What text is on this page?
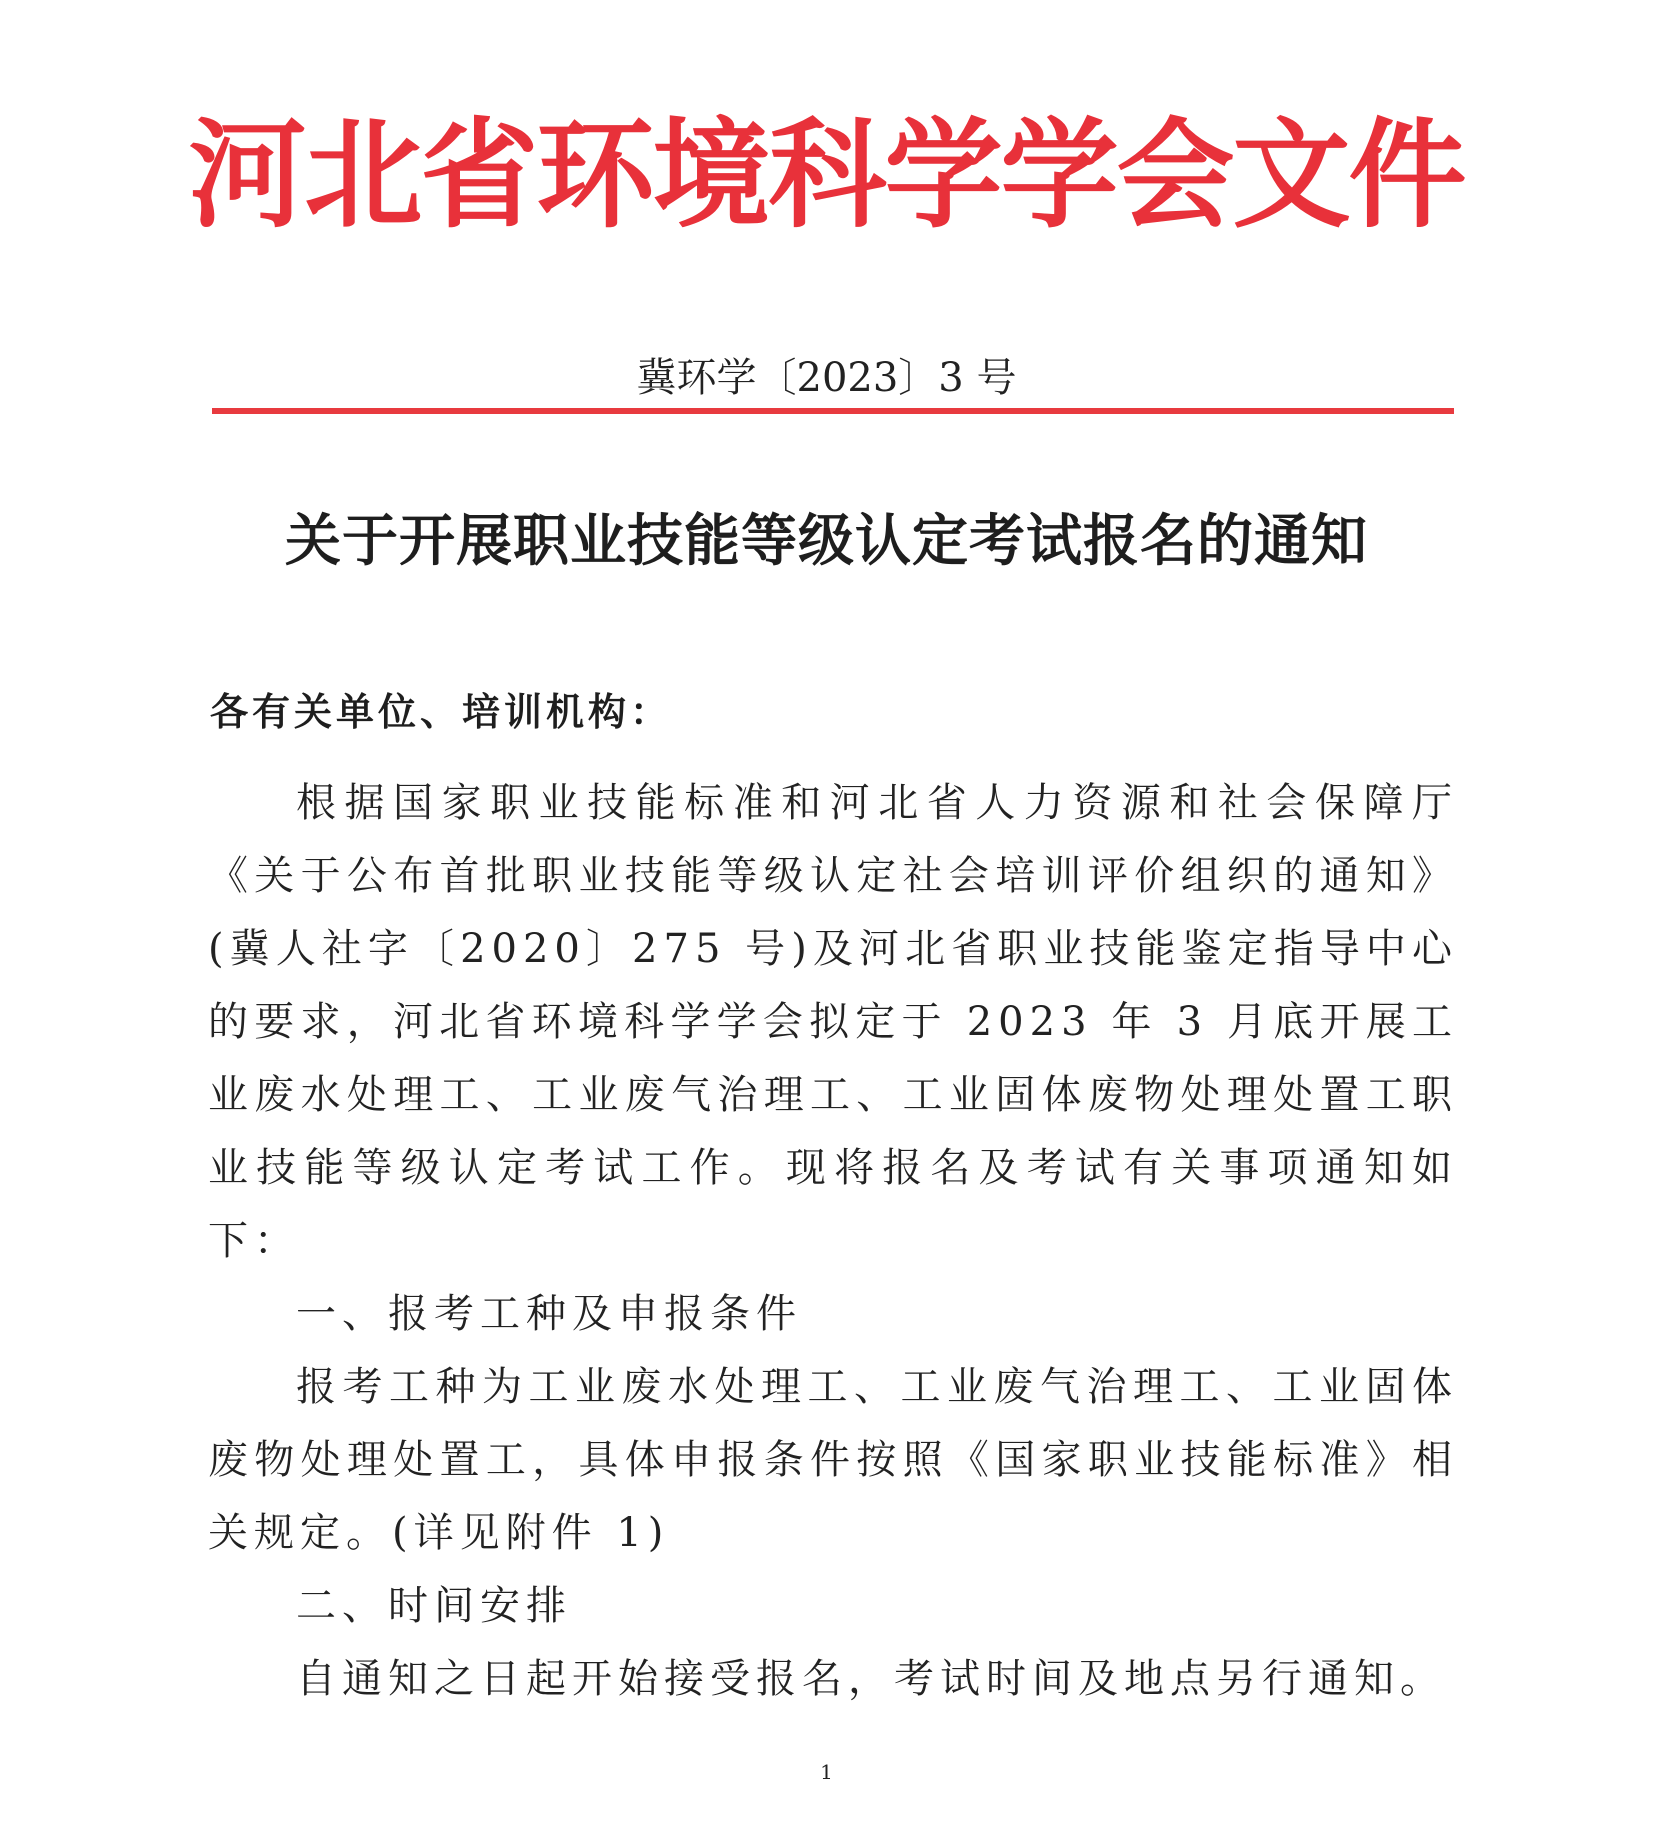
河北省环境科学学会文件
冀环学〔2023〕3 号
关于开展职业技能等级认定考试报名的通知
各有关单位、培训机构：

根据国家职业技能标准和河北省人力资源和社会保障厅《关于公布首批职业技能等级认定社会培训评价组织的通知》(冀人社字〔2020〕275 号)及河北省职业技能鉴定指导中心的要求，河北省环境科学学会拟定于 2023 年 3 月底开展工业废水处理工、工业废气治理工、工业固体废物处理处置工职业技能等级认定考试工作。现将报名及考试有关事项通知如下：

一、报考工种及申报条件

报考工种为工业废水处理工、工业废气治理工、工业固体废物处理处置工，具体申报条件按照《国家职业技能标准》相关规定。(详见附件 1)

二、时间安排

自通知之日起开始接受报名，考试时间及地点另行通知。

1
